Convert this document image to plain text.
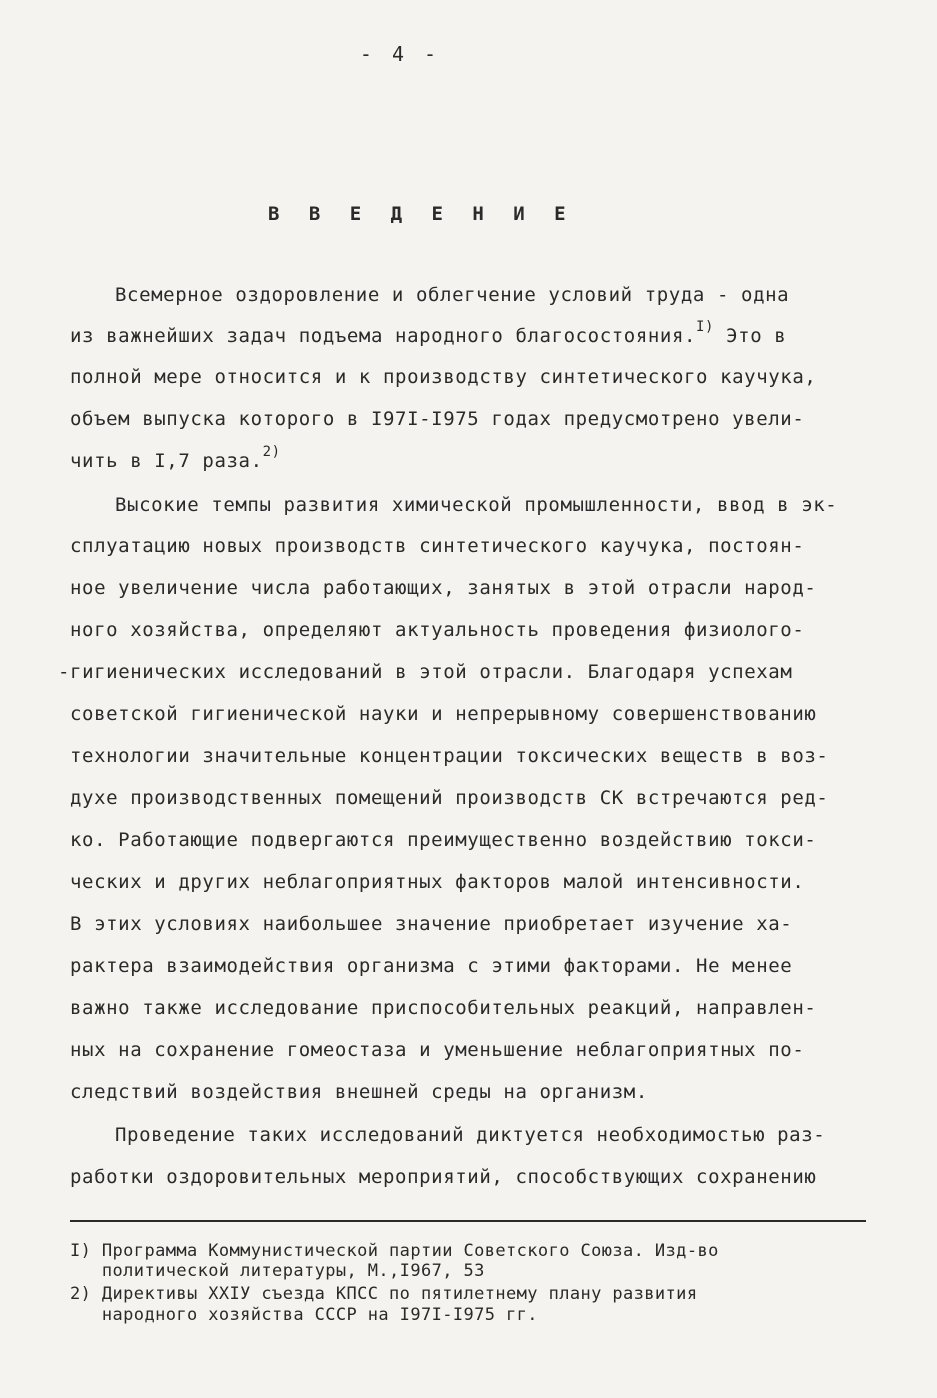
- 4 -
В В Е Д Е Н И Е
Всемерное оздоровление и облегчение условий труда - одна
из важнейших задач подъема народного благосостояния.$^{I)}$ Это в
полной мере относится и к производству синтетического каучука,
объем выпуска которого в I97I-I975 годах предусмотрено увели-
чить в I,7 раза.$^{2)}$
Высокие темпы развития химической промышленности, ввод в эк-
сплуатацию новых производств синтетического каучука, постоян-
ное увеличение числа работающих, занятых в этой отрасли народ-
ного хозяйства, определяют актуальность проведения физиолого-
-гигиенических исследований в этой отрасли. Благодаря успехам
советской гигиенической науки и непрерывному совершенствованию
технологии значительные концентрации токсических веществ в воз-
духе производственных помещений производств СК встречаются ред-
ко. Работающие подвергаются преимущественно воздействию токси-
ческих и других неблагоприятных факторов малой интенсивности.
В этих условиях наибольшее значение приобретает изучение ха-
рактера взаимодействия организма с этими факторами. Не менее
важно также исследование приспособительных реакций, направлен-
ных на сохранение гомеостаза и уменьшение неблагоприятных по-
следствий воздействия внешней среды на организм.
Проведение таких исследований диктуется необходимостью раз-
работки оздоровительных мероприятий, способствующих сохранению
I) Программа Коммунистической партии Советского Союза. Изд-во
политической литературы, М.,I967, 53
2) Директивы XXIУ съезда КПСС по пятилетнему плану развития
народного хозяйства СССР на I97I-I975 гг.
